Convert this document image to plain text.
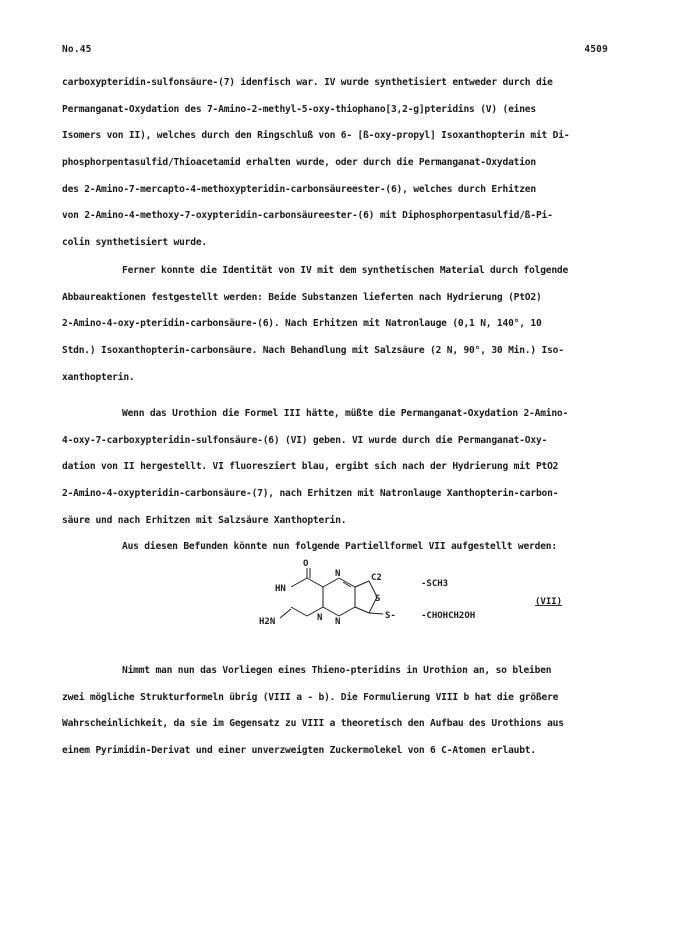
No.45	4509
carboxypteridin-sulfonsäure-(7) idenfisch war. IV wurde synthetisiert entweder durch die
Permanganat-Oxydation des 7-Amino-2-methyl-5-oxy-thiophano[3,2-g]pteridins (V) (eines
Isomers von II), welches durch den Ringschluß von 6- [ß-oxy-propyl] Isoxanthopterin mit Di-
phosphorpentasulfid/Thioacetamid erhalten wurde, oder durch die Permanganat-Oxydation
des 2-Amino-7-mercapto-4-methoxypteridin-carbonsäureester-(6), welches durch Erhitzen
von 2-Amino-4-methoxy-7-oxypteridin-carbonsäureester-(6) mit Diphosphorpentasulfid/ß-Pi-
colin synthetisiert wurde.
Ferner konnte die Identität von IV mit dem synthetischen Material durch folgende
Abbaureaktionen festgestellt werden: Beide Substanzen lieferten nach Hydrierung (PtO2)
2-Amino-4-oxy-pteridin-carbonsäure-(6). Nach Erhitzen mit Natronlauge (0,1 N, 140°, 10
Stdn.) Isoxanthopterin-carbonsäure. Nach Behandlung mit Salzsäure (2 N, 90°, 30 Min.) Iso-
xanthopterin.
Wenn das Urothion die Formel III hätte, müßte die Permanganat-Oxydation 2-Amino-
4-oxy-7-carboxypteridin-sulfonsäure-(6) (VI) geben. VI wurde durch die Permanganat-Oxy-
dation von II hergestellt. VI fluoresziert blau, ergibt sich nach der Hydrierung mit PtO2
2-Amino-4-oxypteridin-carbonsäure-(7), nach Erhitzen mit Natronlauge Xanthopterin-carbon-
säure und nach Erhitzen mit Salzsäure Xanthopterin.
Aus diesen Befunden könnte nun folgende Partiellformel VII aufgestellt werden:
O
HN
H2N
N
N N
C2
S
S-
-SCH3
-CHOHCH2OH
(VII)
Nimmt man nun das Vorliegen eines Thieno-pteridins in Urothion an, so bleiben
zwei mögliche Strukturformeln übrig (VIII a - b). Die Formulierung VIII b hat die größere
Wahrscheinlichkeit, da sie im Gegensatz zu VIII a theoretisch den Aufbau des Urothions aus
einem Pyrimidin-Derivat und einer unverzweigten Zuckermolekel von 6 C-Atomen erlaubt.
